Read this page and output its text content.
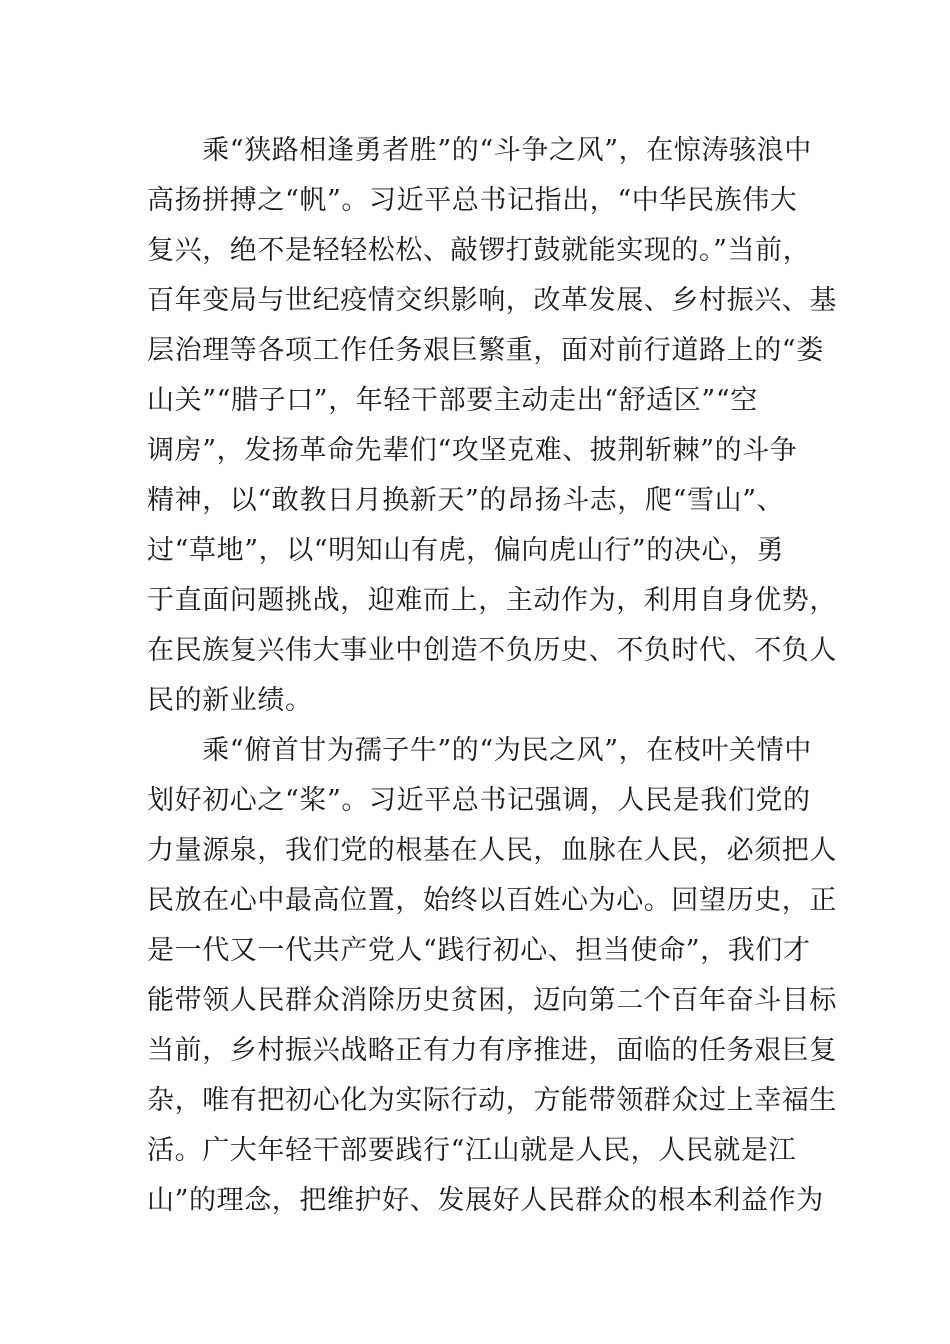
　　乘“狭路相逢勇者胜”的“斗争之风”，在惊涛骇浪中
高扬拼搏之“帆”。习近平总书记指出，“中华民族伟大
复兴，绝不是轻轻松松、敲锣打鼓就能实现的。”当前，
百年变局与世纪疫情交织影响，改革发展、乡村振兴、基
层治理等各项工作任务艰巨繁重，面对前行道路上的“娄
山关”“腊子口”，年轻干部要主动走出“舒适区”“空
调房”，发扬革命先辈们“攻坚克难、披荆斩棘”的斗争
精神，以“敢教日月换新天”的昂扬斗志，爬“雪山”、
过“草地”，以“明知山有虎，偏向虎山行”的决心，勇
于直面问题挑战，迎难而上，主动作为，利用自身优势，
在民族复兴伟大事业中创造不负历史、不负时代、不负人
民的新业绩。
　　乘“俯首甘为孺子牛”的“为民之风”，在枝叶关情中
划好初心之“桨”。习近平总书记强调，人民是我们党的
力量源泉，我们党的根基在人民，血脉在人民，必须把人
民放在心中最高位置，始终以百姓心为心。回望历史，正
是一代又一代共产党人“践行初心、担当使命”，我们才
能带领人民群众消除历史贫困，迈向第二个百年奋斗目标
当前，乡村振兴战略正有力有序推进，面临的任务艰巨复
杂，唯有把初心化为实际行动，方能带领群众过上幸福生
活。广大年轻干部要践行“江山就是人民，人民就是江
山”的理念，把维护好、发展好人民群众的根本利益作为
